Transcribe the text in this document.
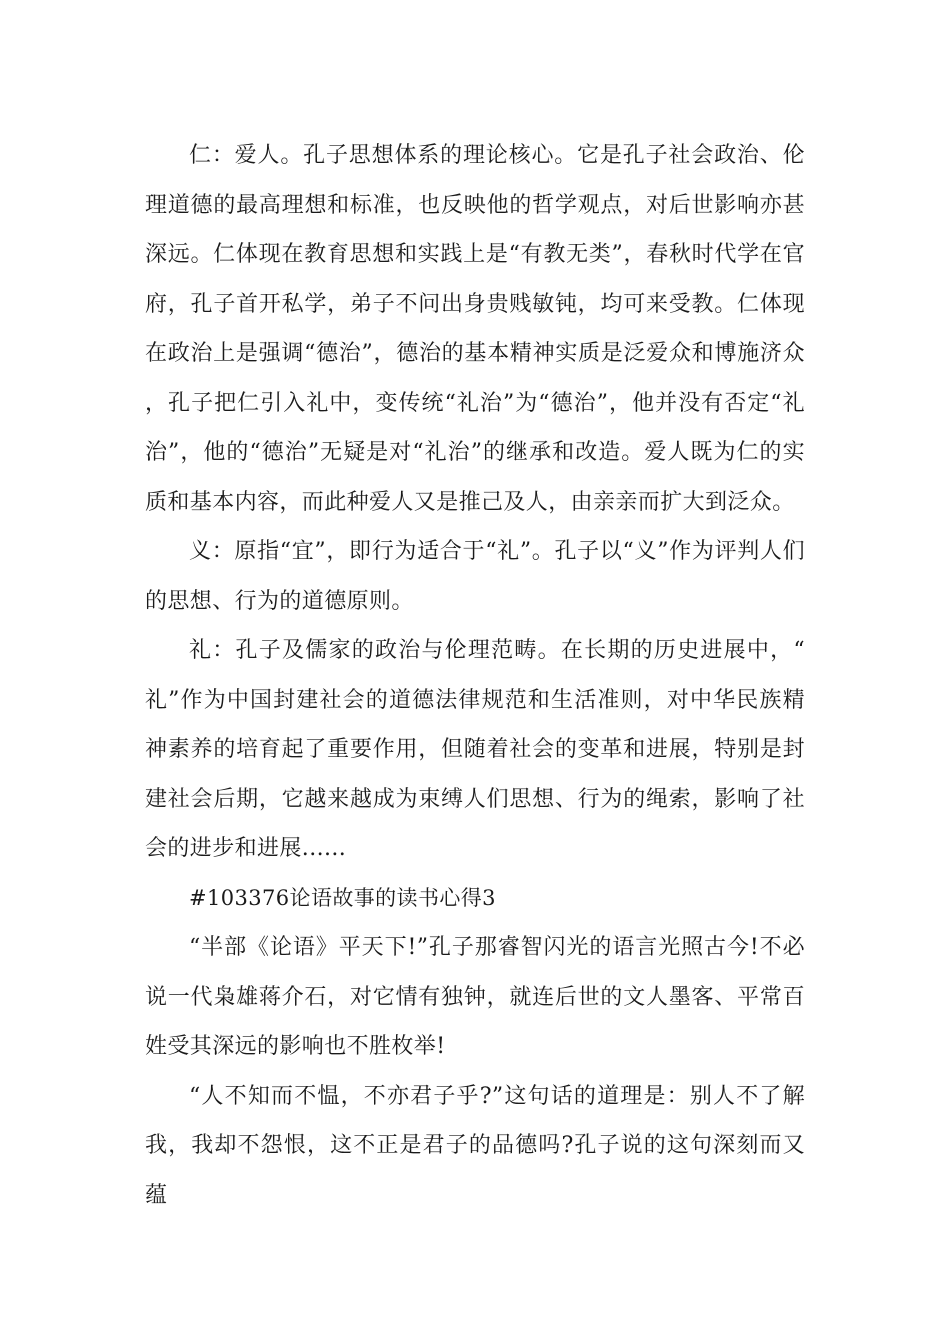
仁：爱人。孔子思想体系的理论核心。它是孔子社会政治、伦理道德的最高理想和标准，也反映他的哲学观点，对后世影响亦甚深远。仁体现在教育思想和实践上是“有教无类”，春秋时代学在官府，孔子首开私学，弟子不问出身贵贱敏钝，均可来受教。仁体现在政治上是强调“德治”，德治的基本精神实质是泛爱众和博施济众，孔子把仁引入礼中，变传统“礼治”为“德治”，他并没有否定“礼治”，他的“德治”无疑是对“礼治”的继承和改造。爱人既为仁的实质和基本内容，而此种爱人又是推己及人，由亲亲而扩大到泛众。

义：原指“宜”，即行为适合于“礼”。孔子以“义”作为评判人们的思想、行为的道德原则。

礼：孔子及儒家的政治与伦理范畴。在长期的历史进展中，“礼”作为中国封建社会的道德法律规范和生活准则，对中华民族精神素养的培育起了重要作用，但随着社会的变革和进展，特别是封建社会后期，它越来越成为束缚人们思想、行为的绳索，影响了社会的进步和进展......

#103376论语故事的读书心得3

“半部《论语》平天下!”孔子那睿智闪光的语言光照古今!不必说一代枭雄蒋介石，对它情有独钟，就连后世的文人墨客、平常百姓受其深远的影响也不胜枚举!

“人不知而不愠，不亦君子乎?”这句话的道理是：别人不了解我，我却不怨恨，这不正是君子的品德吗?孔子说的这句深刻而又蕴
